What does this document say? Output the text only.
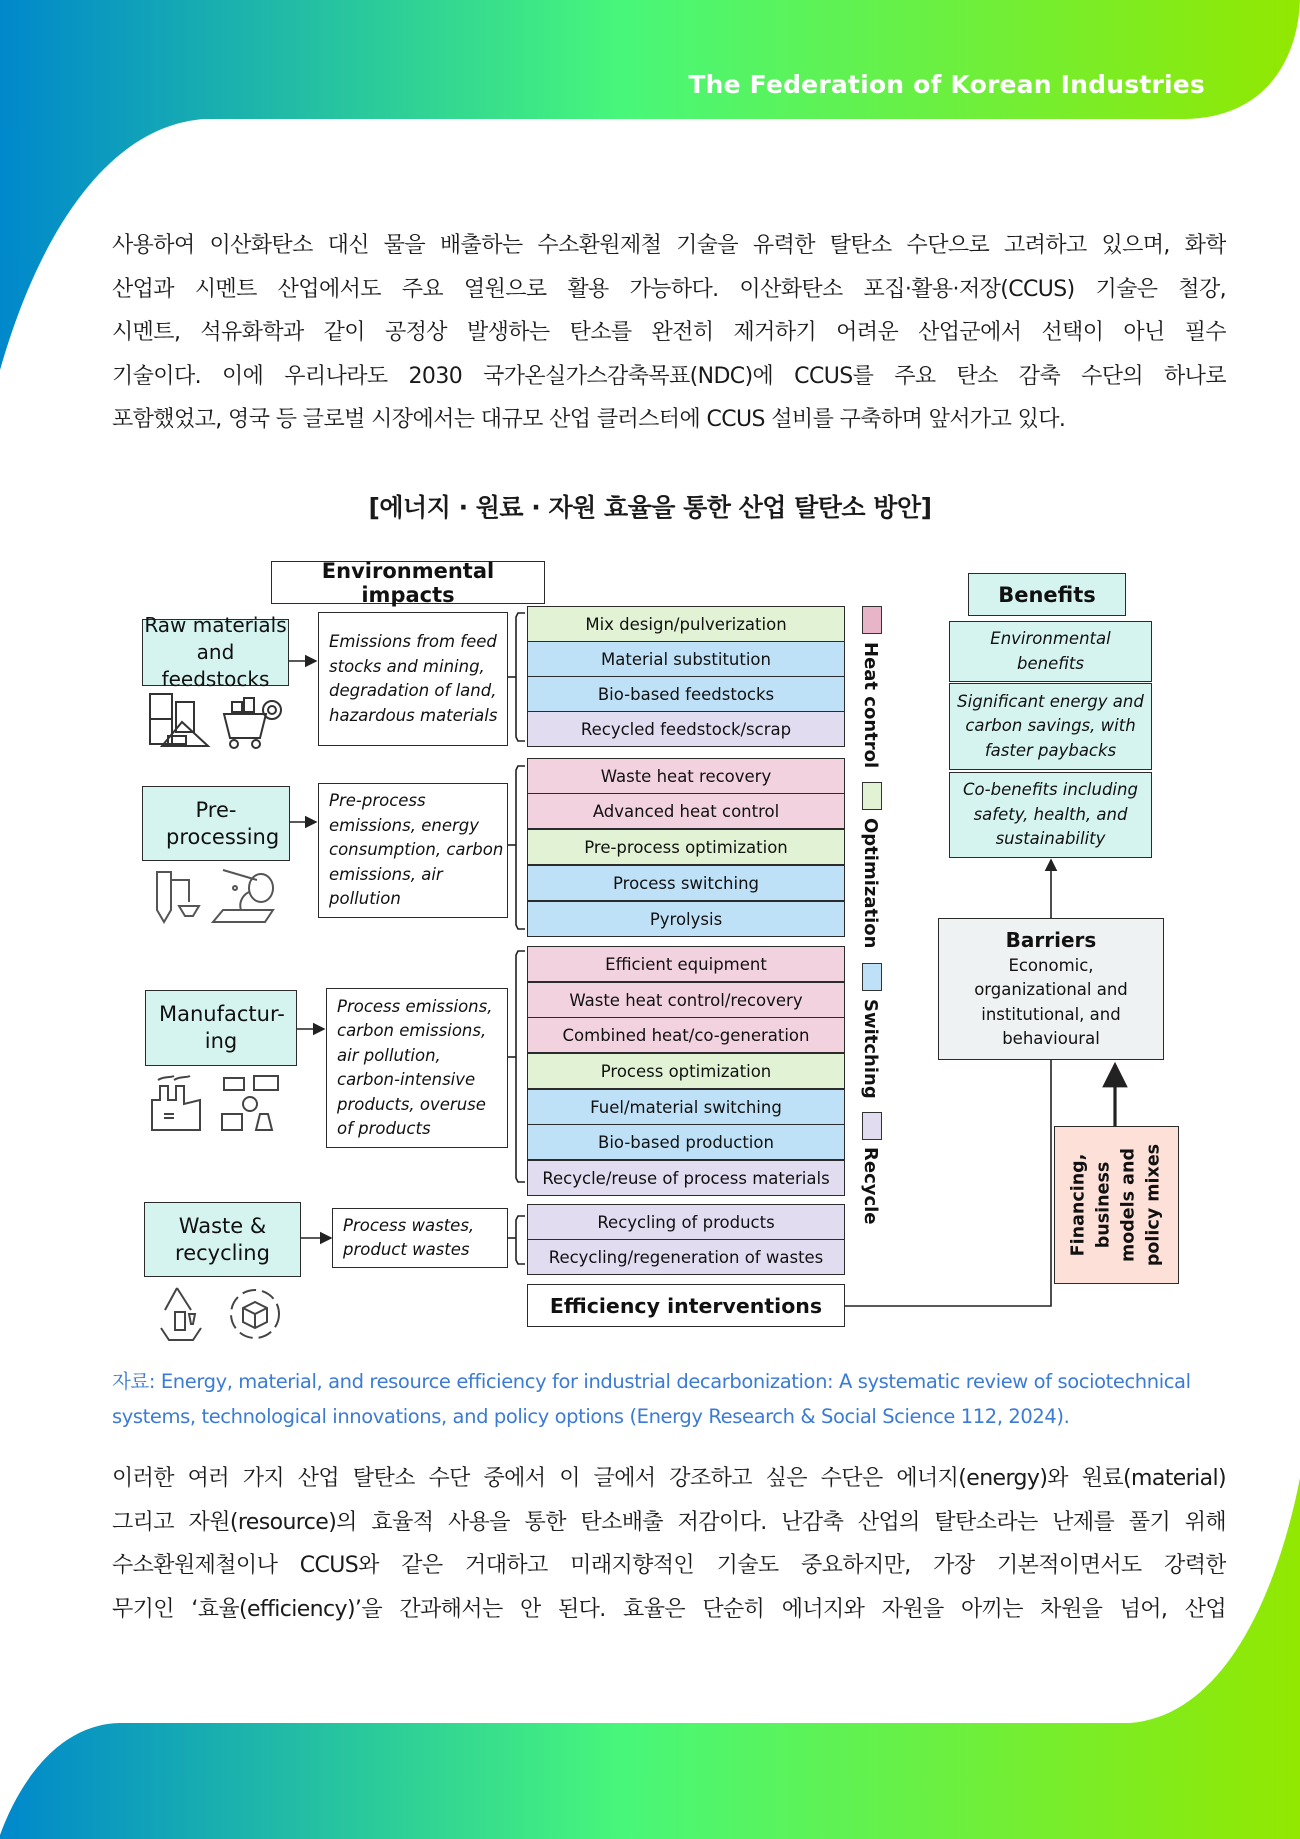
The Federation of Korean Industries
사용하여 이산화탄소 대신 물을 배출하는 수소환원제철 기술을 유력한 탈탄소 수단으로 고려하고 있으며, 화학
산업과 시멘트 산업에서도 주요 열원으로 활용 가능하다. 이산화탄소 포집·활용·저장(CCUS) 기술은 철강,
시멘트, 석유화학과 같이 공정상 발생하는 탄소를 완전히 제거하기 어려운 산업군에서 선택이 아닌 필수
기술이다. 이에 우리나라도 2030 국가온실가스감축목표(NDC)에 CCUS를 주요 탄소 감축 수단의 하나로
포함했었고, 영국 등 글로벌 시장에서는 대규모 산업 클러스터에 CCUS 설비를 구축하며 앞서가고 있다.
[에너지 · 원료 · 자원 효율을 통한 산업 탈탄소 방안]
Environmental impacts
Raw materials and feedstocks
Pre-processing
Manufactur-ing
Waste & recycling
Emissions from feed stocks and mining, degradation of land, hazardous materials
Pre-process emissions, energy consumption, carbon emissions, air pollution
Process emissions, carbon emissions, air pollution, carbon-intensive products, overuse of products
Process wastes, product wastes
Mix design/pulverization
Material substitution
Bio-based feedstocks
Recycled feedstock/scrap
Waste heat recovery
Advanced heat control
Pre-process optimization
Process switching
Pyrolysis
Efficient equipment
Waste heat control/recovery
Combined heat/co-generation
Process optimization
Fuel/material switching
Bio-based production
Recycle/reuse of process materials
Recycling of products
Recycling/regeneration of wastes
Efficiency interventions
Heat control
Optimization
Switching
Recycle
Benefits
Environmental benefits
Significant energy and carbon savings, with faster paybacks
Co-benefits including safety, health, and sustainability
Barriers
Economic, organizational and institutional, and behavioural
Financing, business models and policy mixes
자료: Energy, material, and resource efficiency for industrial decarbonization: A systematic review of sociotechnical systems, technological innovations, and policy options (Energy Research & Social Science 112, 2024).
이러한 여러 가지 산업 탈탄소 수단 중에서 이 글에서 강조하고 싶은 수단은 에너지(energy)와 원료(material)
그리고 자원(resource)의 효율적 사용을 통한 탄소배출 저감이다. 난감축 산업의 탈탄소라는 난제를 풀기 위해
수소환원제철이나 CCUS와 같은 거대하고 미래지향적인 기술도 중요하지만, 가장 기본적이면서도 강력한
무기인 ‘효율(efficiency)’을 간과해서는 안 된다. 효율은 단순히 에너지와 자원을 아끼는 차원을 넘어, 산업
